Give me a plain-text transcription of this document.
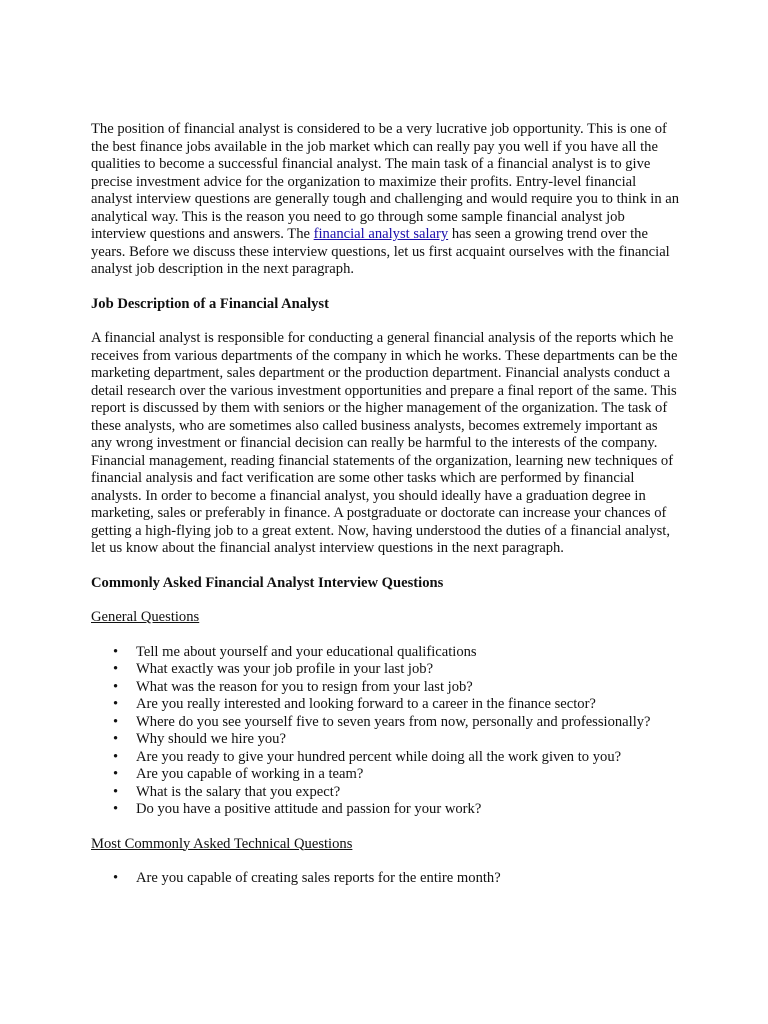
The position of financial analyst is considered to be a very lucrative job opportunity. This is one of the best finance jobs available in the job market which can really pay you well if you have all the qualities to become a successful financial analyst. The main task of a financial analyst is to give precise investment advice for the organization to maximize their profits. Entry-level financial analyst interview questions are generally tough and challenging and would require you to think in an analytical way. This is the reason you need to go through some sample financial analyst job interview questions and answers. The financial analyst salary has seen a growing trend over the years. Before we discuss these interview questions, let us first acquaint ourselves with the financial analyst job description in the next paragraph.

Job Description of a Financial Analyst

A financial analyst is responsible for conducting a general financial analysis of the reports which he receives from various departments of the company in which he works. These departments can be the marketing department, sales department or the production department. Financial analysts conduct a detail research over the various investment opportunities and prepare a final report of the same. This report is discussed by them with seniors or the higher management of the organization. The task of these analysts, who are sometimes also called business analysts, becomes extremely important as any wrong investment or financial decision can really be harmful to the interests of the company. Financial management, reading financial statements of the organization, learning new techniques of financial analysis and fact verification are some other tasks which are performed by financial analysts. In order to become a financial analyst, you should ideally have a graduation degree in marketing, sales or preferably in finance. A postgraduate or doctorate can increase your chances of getting a high-flying job to a great extent. Now, having understood the duties of a financial analyst, let us know about the financial analyst interview questions in the next paragraph.

Commonly Asked Financial Analyst Interview Questions

General Questions

• Tell me about yourself and your educational qualifications
• What exactly was your job profile in your last job?
• What was the reason for you to resign from your last job?
• Are you really interested and looking forward to a career in the finance sector?
• Where do you see yourself five to seven years from now, personally and professionally?
• Why should we hire you?
• Are you ready to give your hundred percent while doing all the work given to you?
• Are you capable of working in a team?
• What is the salary that you expect?
• Do you have a positive attitude and passion for your work?

Most Commonly Asked Technical Questions

• Are you capable of creating sales reports for the entire month?
